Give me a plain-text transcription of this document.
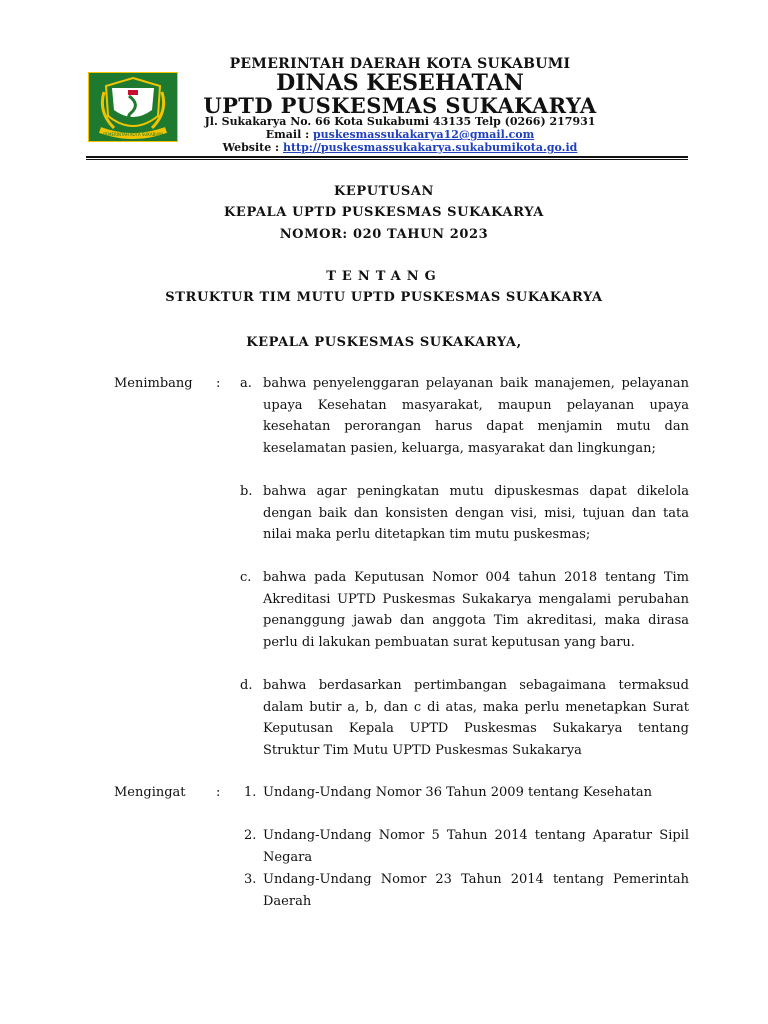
PEMERINTAH KOTA SUKABUMI
PEMERINTAH DAERAH KOTA SUKABUMI
DINAS KESEHATAN
UPTD PUSKESMAS SUKAKARYA
Jl. Sukakarya No. 66 Kota Sukabumi 43135 Telp (0266) 217931
Email : puskesmassukakarya12@gmail.com
Website : http://puskesmassukakarya.sukabumikota.go.id
KEPUTUSAN
KEPALA UPTD PUSKESMAS SUKAKARYA
NOMOR: 020 TAHUN 2023
TENTANG
STRUKTUR TIM MUTU UPTD PUSKESMAS SUKAKARYA
KEPALA PUSKESMAS SUKAKARYA,
Menimbang : a. bahwa penyelenggaran pelayanan baik manajemen, pelayanan upaya Kesehatan masyarakat, maupun pelayanan upaya kesehatan perorangan harus dapat menjamin mutu dan keselamatan pasien, keluarga, masyarakat dan lingkungan;
b. bahwa agar peningkatan mutu dipuskesmas dapat dikelola dengan baik dan konsisten dengan visi, misi, tujuan dan tata nilai maka perlu ditetapkan tim mutu puskesmas;
c. bahwa pada Keputusan Nomor 004 tahun 2018 tentang Tim Akreditasi UPTD Puskesmas Sukakarya mengalami perubahan penanggung jawab dan anggota Tim akreditasi, maka dirasa perlu di lakukan pembuatan surat keputusan yang baru.
d. bahwa berdasarkan pertimbangan sebagaimana termaksud dalam butir a, b, dan c di atas, maka perlu menetapkan Surat Keputusan Kepala UPTD Puskesmas Sukakarya tentang Struktur Tim Mutu UPTD Puskesmas Sukakarya
Mengingat : 1. Undang-Undang Nomor 36 Tahun 2009 tentang Kesehatan
2. Undang-Undang Nomor 5 Tahun 2014 tentang Aparatur Sipil Negara
3. Undang-Undang Nomor 23 Tahun 2014 tentang Pemerintah Daerah
